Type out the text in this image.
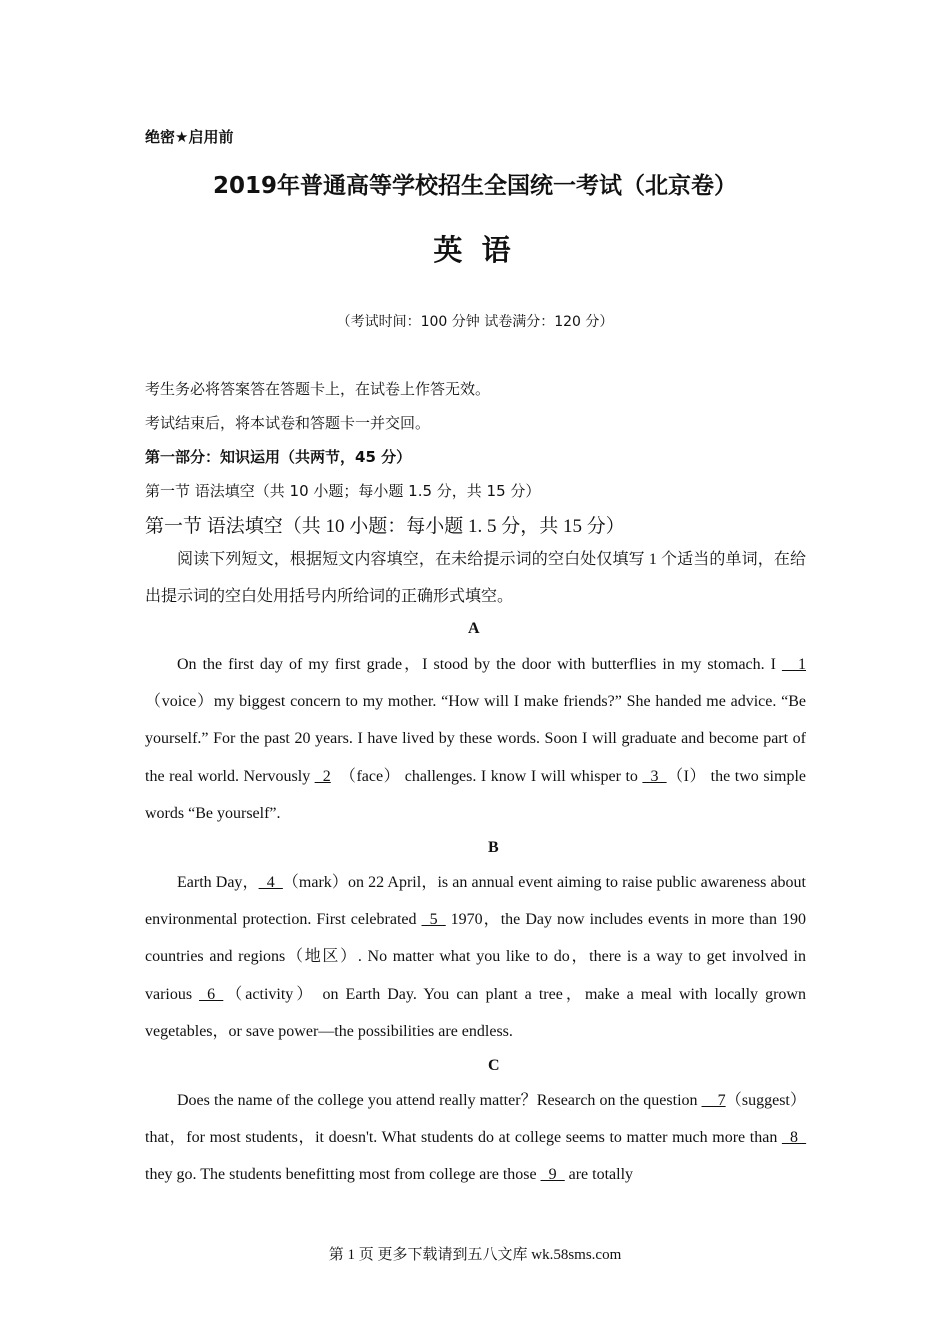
绝密★启用前
2019年普通高等学校招生全国统一考试（北京卷）
英 语
（考试时间：100 分钟 试卷满分：120 分）
考生务必将答案答在答题卡上，在试卷上作答无效。
考试结束后，将本试卷和答题卡一并交回。
第一部分：知识运用（共两节，45 分）
第一节 语法填空（共 10 小题；每小题 1.5 分，共 15 分）
第一节 语法填空（共 10 小题：每小题 1. 5 分，共 15 分）

阅读下列短文，根据短文内容填空，在未给提示词的空白处仅填写 1 个适当的单词，在给出提示词的空白处用括号内所给词的正确形式填空。

A

On the first day of my first grade，I stood by the door with butterflies in my stomach. I __1（voice）my biggest concern to my mother. “How will I make friends?” She handed me advice. “Be yourself.” For the past 20 years. I have lived by these words. Soon I will graduate and become part of the real world. Nervously _2　（face） challenges. I know I will whisper to _3_（I） the two simple words “Be yourself”.

B

Earth Day，_4_（mark）on 22 April，is an annual event aiming to raise public awareness about environmental protection. First celebrated _5_ 1970，the Day now includes events in more than 190 countries and regions（地区）. No matter what you like to do，there is a way to get involved in various _6_（activity） on Earth Day. You can plant a tree，make a meal with locally grown vegetables，or save power—the possibilities are endless.

C

Does the name of the college you attend really matter？Research on the question __7（suggest）that，for most students，it doesn't. What students do at college seems to matter much more than _8_ they go. The students benefitting most from college are those _9_ are totally

第 1 页 更多下载请到五八文库 wk.58sms.com
